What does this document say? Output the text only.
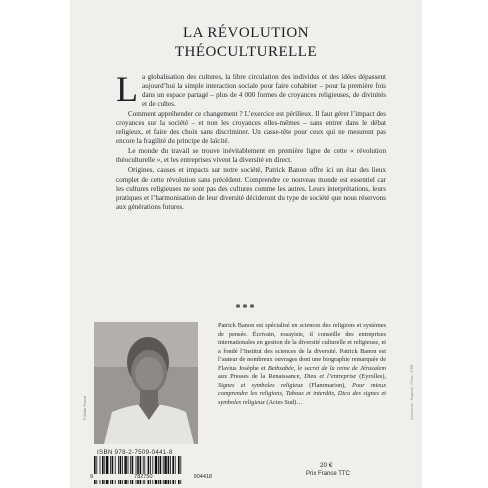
LA RÉVOLUTION
THÉOCULTURELLE

La globalisation des cultures, la libre circulation des individus et des idées dépassent aujourd’hui la simple interaction sociale pour faire cohabiter – pour la première fois dans un espace partagé – plus de 4 000 formes de croyances religieuses, de divinités et de cultes.

Comment appréhender ce changement ? L’exercice est périlleux. Il faut gérer l’impact des croyances sur la société – et non les croyances elles-mêmes – sans entrer dans le débat religieux, et faire des choix sans discriminer. Un casse-tête pour ceux qui ne mesurent pas encore la fragilité du principe de laïcité.

Le monde du travail se trouve inévitablement en première ligne de cette « révolution théoculturelle », et les entreprises vivent la diversité en direct.

Origines, causes et impacts sur notre société, Patrick Banon offre ici un état des lieux complet de cette révolution sans précédent. Comprendre ce nouveau monde est essentiel car les cultures religieuses ne sont pas des cultures comme les autres. Leurs interprétations, leurs pratiques et l’harmonisation de leur diversité décideront du type de société que nous réservons aux générations futures.

***
© Didier Pruvot
Patrick Banon est spécialisé en sciences des religions et systèmes de pensée. Écrivain, essayiste, il conseille des entreprises internationales en gestion de la diversité culturelle et religieuse, et a fondé l’Institut des sciences de la diversité. Patrick Banon est l’auteur de nombreux ouvrages dont une biographie remarquée de Flavius Josèphe et Bethsabée, le secret de la reine de Jérusalem aux Presses de la Renaissance, Dieu et l’entreprise (Eyrolles), Signes et symboles religieux (Flammarion), Pour mieux comprendre les religions, Tabous et interdits, Dico des signes et symboles religieux (Actes Sud)…
ISBN 978-2-7509-0441-8
9	782750	904418
20 €
Prix France TTC
Couverture : Targenqi · Photo : © DR
